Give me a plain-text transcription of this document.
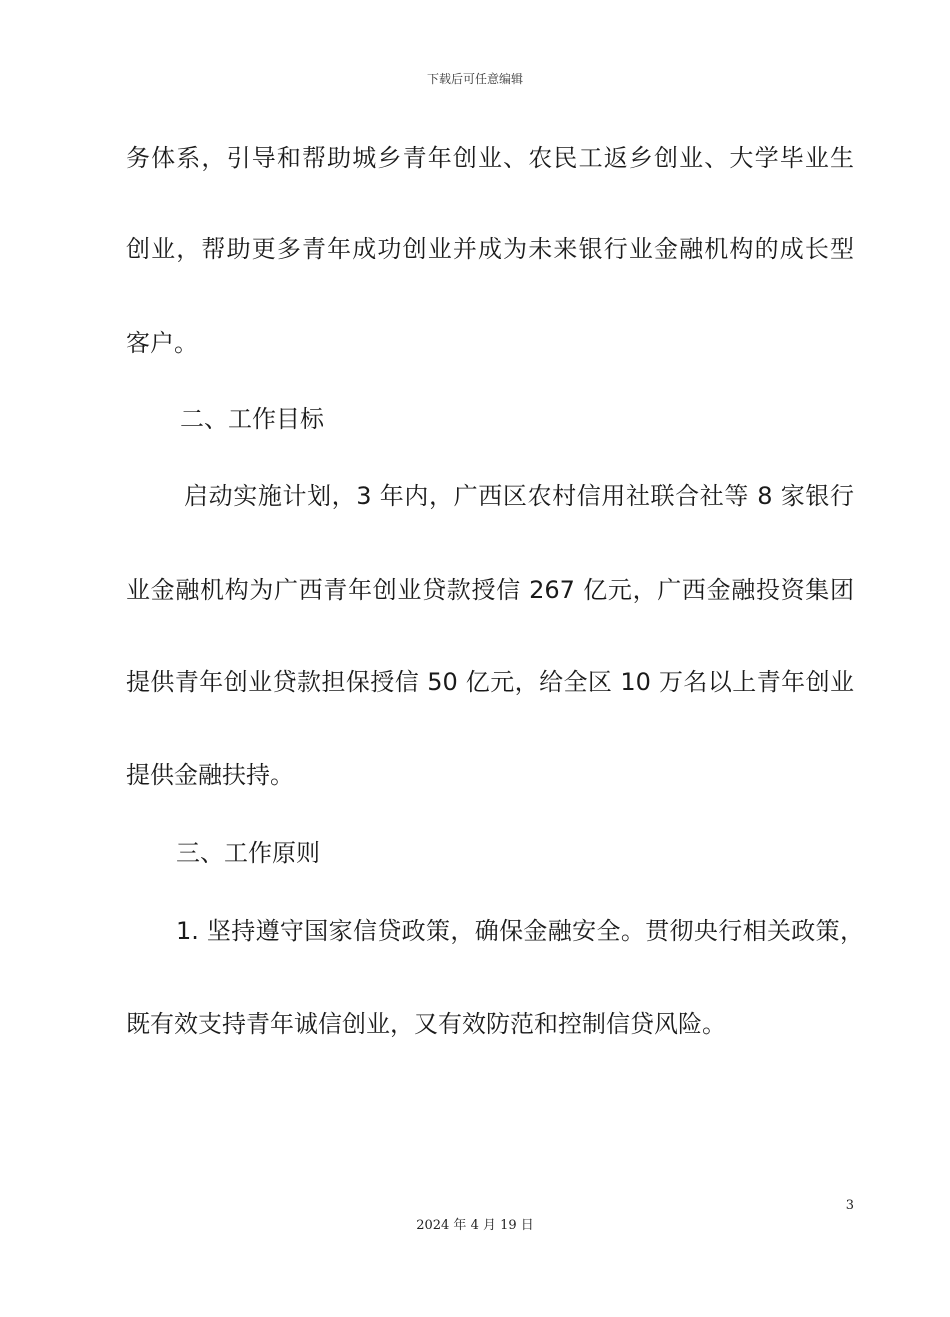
下载后可任意编辑
务体系，引导和帮助城乡青年创业、农民工返乡创业、大学毕业生
创业，帮助更多青年成功创业并成为未来银行业金融机构的成长型
客户。
二、工作目标
启动实施计划，3 年内，广西区农村信用社联合社等 8 家银行
业金融机构为广西青年创业贷款授信 267 亿元，广西金融投资集团
提供青年创业贷款担保授信 50 亿元，给全区 10 万名以上青年创业
提供金融扶持。
三、工作原则
1. 坚持遵守国家信贷政策，确保金融安全。贯彻央行相关政策，
既有效支持青年诚信创业，又有效防范和控制信贷风险。
3
2024 年 4 月 19 日
